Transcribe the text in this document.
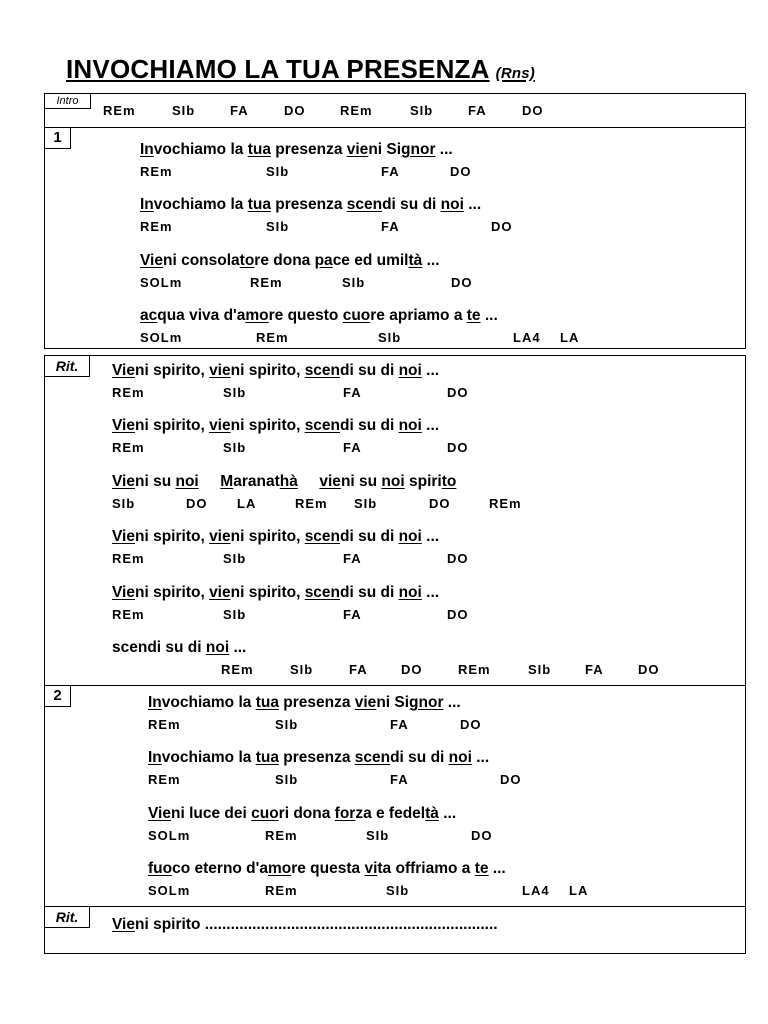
INVOCHIAMO LA TUA PRESENZA (Rns)
Intro
1
Rit.
2
Rit.
REm	SIb	FA	DO	REm	SIb	FA	DO
Invochiamo la tua presenza vieni Signor ...
REm	SIb	FA	DO
Invochiamo la tua presenza scendi su di noi ...
REm	SIb	FA	DO
Vieni consolatore dona pace ed umiltà ...
SOLm	REm	SIb	DO
acqua viva d'amore questo cuore apriamo a te ...
SOLm	REm	SIb	LA4 LA
Vieni spirito, vieni spirito, scendi su di noi ...
REm	SIb	FA	DO
Vieni spirito, vieni spirito, scendi su di noi ...
REm	SIb	FA	DO
Vieni su noi Maranathà vieni su noi spirito
SIb	DO LA	REm SIb	DO	REm
Vieni spirito, vieni spirito, scendi su di noi ...
REm	SIb	FA	DO
Vieni spirito, vieni spirito, scendi su di noi ...
REm	SIb	FA	DO
scendi su di noi ...
REm	SIb	FA	DO	REm	SIb	FA	DO
Invochiamo la tua presenza vieni Signor ...
REm	SIb	FA	DO
Invochiamo la tua presenza scendi su di noi ...
REm	SIb	FA	DO
Vieni luce dei cuori dona forza e fedeltà ...
SOLm	REm	SIb	DO
fuoco eterno d'amore questa vita offriamo a te ...
SOLm	REm	SIb	LA4 LA
Vieni spirito ....................................................................
